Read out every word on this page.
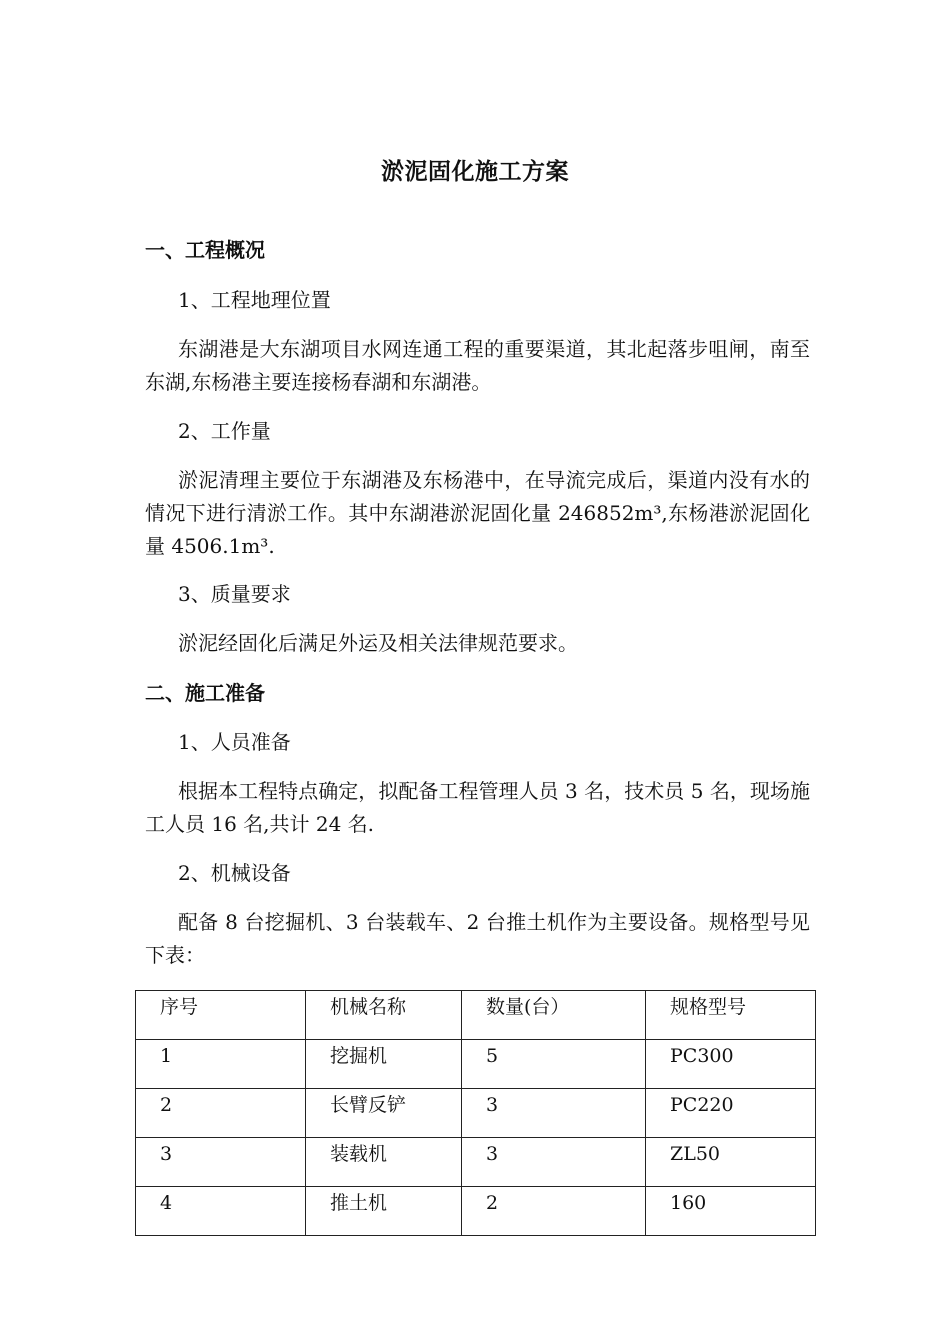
淤泥固化施工方案
一、工程概况
1、工程地理位置
东湖港是大东湖项目水网连通工程的重要渠道，其北起落步咀闸，南至东湖,东杨港主要连接杨春湖和东湖港。
2、工作量
淤泥清理主要位于东湖港及东杨港中，在导流完成后，渠道内没有水的情况下进行清淤工作。其中东湖港淤泥固化量 246852m³,东杨港淤泥固化量 4506.1m³.
3、质量要求
淤泥经固化后满足外运及相关法律规范要求。
二、施工准备
1、人员准备
根据本工程特点确定，拟配备工程管理人员 3 名，技术员 5 名，现场施工人员 16 名,共计 24 名.
2、机械设备
配备 8 台挖掘机、3 台装载车、2 台推土机作为主要设备。规格型号见下表：
序号	机械名称	数量(台）	规格型号
1	挖掘机	5	PC300
2	长臂反铲	3	PC220
3	装载机	3	ZL50
4	推土机	2	160
